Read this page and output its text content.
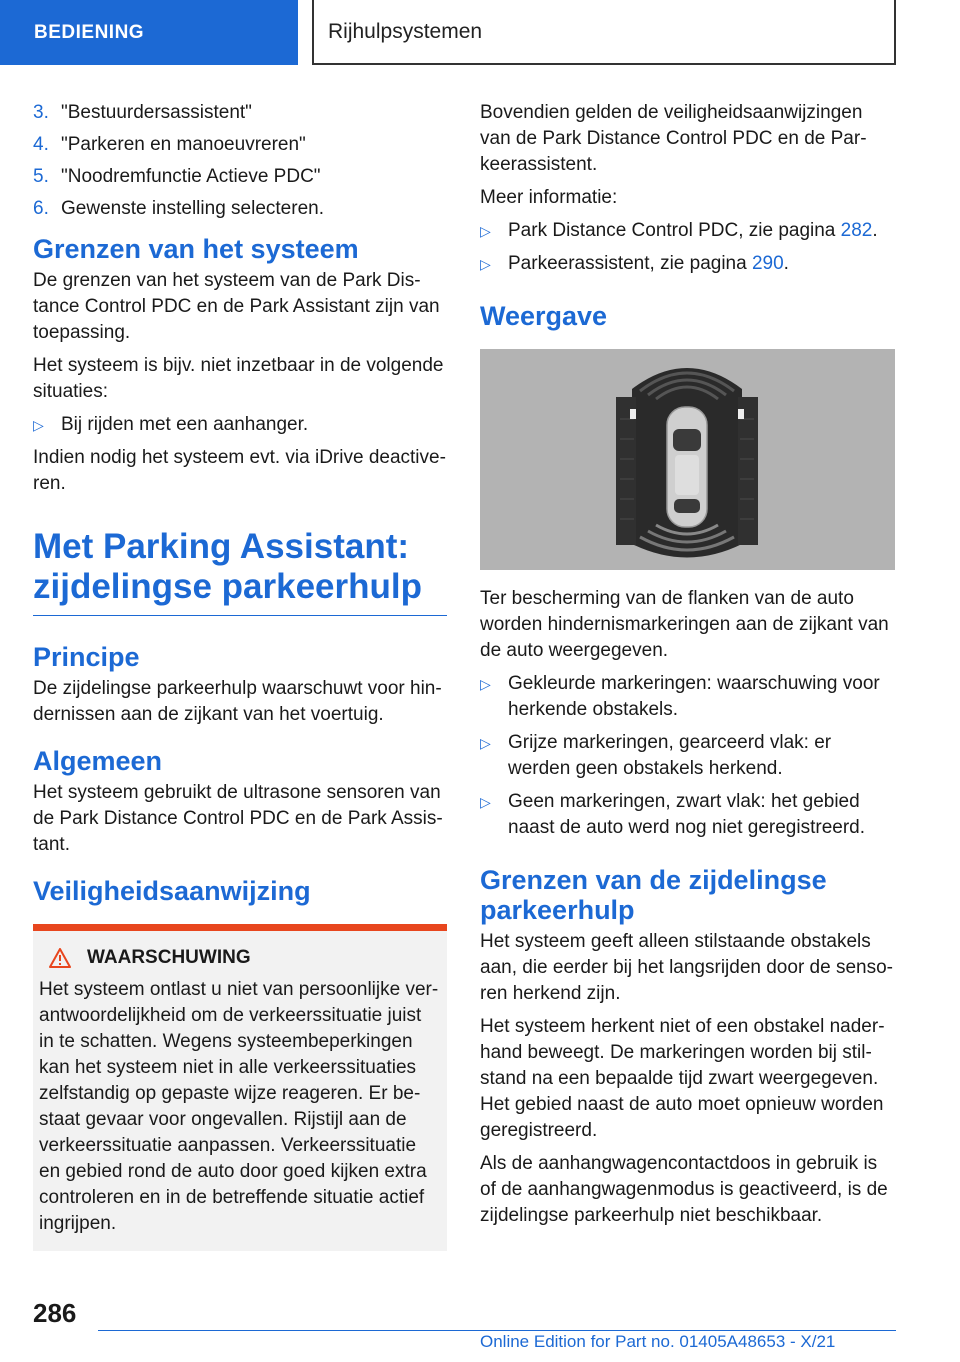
BEDIENING	Rijhulpsystemen
3. "Bestuurdersassistent"
4. "Parkeren en manoeuvreren"
5. "Noodremfunctie Actieve PDC"
6. Gewenste instelling selecteren.
Grenzen van het systeem

De grenzen van het systeem van de Park Distance Control PDC en de Park Assistant zijn van toepassing.

Het systeem is bijv. niet inzetbaar in de volgende situaties:

▷ Bij rijden met een aanhanger.

Indien nodig het systeem evt. via iDrive deactiveren.

Met Parking Assistant: zijdelingse parkeerhulp
Principe

De zijdelingse parkeerhulp waarschuwt voor hindernissen aan de zijkant van het voertuig.

Algemeen

Het systeem gebruikt de ultrasone sensoren van de Park Distance Control PDC en de Park Assistant.

Veiligheidsaanwijzing
WAARSCHUWING
Het systeem ontlast u niet van persoonlijke verantwoordelijkheid om de verkeerssituatie juist in te schatten. Wegens systeembeperkingen kan het systeem niet in alle verkeerssituaties zelfstandig op gepaste wijze reageren. Er bestaat gevaar voor ongevallen. Rijstijl aan de verkeerssituatie aanpassen. Verkeerssituatie en gebied rond de auto door goed kijken extra controleren en in de betreffende situatie actief ingrijpen.

Bovendien gelden de veiligheidsaanwijzingen van de Park Distance Control PDC en de Parkeerassistent.

Meer informatie:

▷ Park Distance Control PDC, zie pagina 282.
▷ Parkeerassistent, zie pagina 290.
Weergave

Ter bescherming van de flanken van de auto worden hindernismarkeringen aan de zijkant van de auto weergegeven.

▷ Gekleurde markeringen: waarschuwing voor herkende obstakels.
▷ Grijze markeringen, gearceerd vlak: er werden geen obstakels herkend.
▷ Geen markeringen, zwart vlak: het gebied naast de auto werd nog niet geregistreerd.
Grenzen van de zijdelingse parkeerhulp

Het systeem geeft alleen stilstaande obstakels aan, die eerder bij het langsrijden door de sensoren herkend zijn.

Het systeem herkent niet of een obstakel naderhand beweegt. De markeringen worden bij stilstand na een bepaalde tijd zwart weergegeven. Het gebied naast de auto moet opnieuw worden geregistreerd.

Als de aanhangwagencontactdoos in gebruik is of de aanhangwagenmodus is geactiveerd, is de zijdelingse parkeerhulp niet beschikbaar.

286
Online Edition for Part no. 01405A48653 - X/21
